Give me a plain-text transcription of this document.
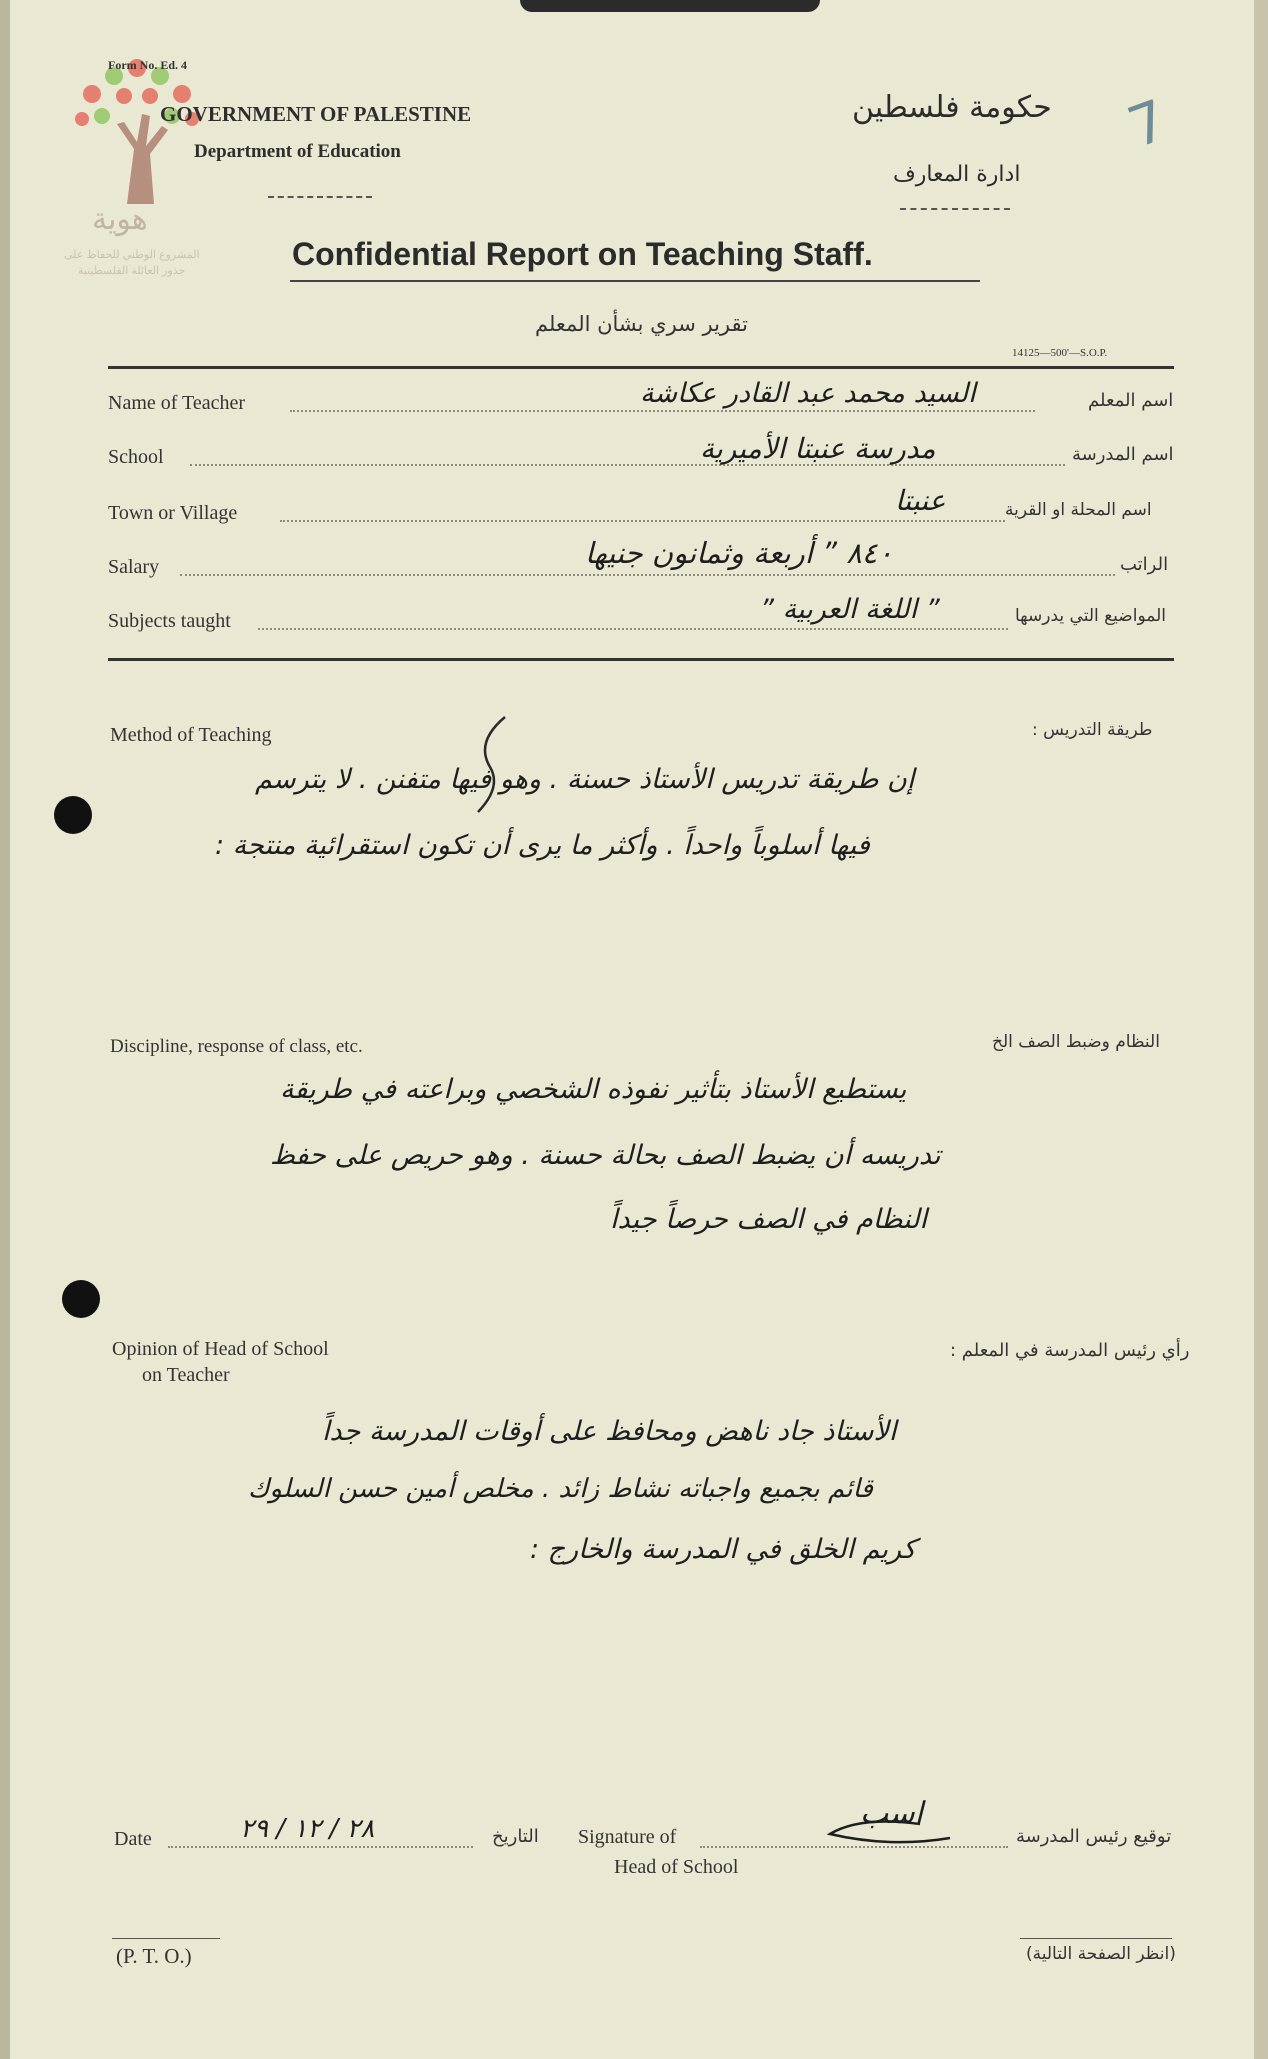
هوية
المشروع الوطني للحفاظ على
جذور العائلة الفلسطينية
Form No. Ed. 4
GOVERNMENT OF PALESTINE
Department of Education
حكومة فلسطين
ادارة المعارف
7
Confidential Report on Teaching Staff.
تقرير سري بشأن المعلم
14125—500'—S.O.P.
Name of Teacher	السيد محمد عبد القادر عكاشة	اسم المعلم
School	مدرسة عنبتا الأميرية	اسم المدرسة
Town or Village	عنبتا	اسم المحلة او القرية
Salary	٨٤٠ ” أربعة وثمانون جنيها	الراتب
Subjects taught	” اللغة العربية ”	المواضيع التي يدرسها
Method of Teaching	طريقة التدريس :
إن طريقة تدريس الأستاذ حسنة . وهو فيها متفنن . لا يترسم
فيها أسلوباً واحداً . وأكثر ما يرى أن تكون استقرائية منتجة :
Discipline, response of class, etc.	النظام وضبط الصف الخ
يستطيع الأستاذ بتأثير نفوذه الشخصي وبراعته في طريقة
تدريسه أن يضبط الصف بحالة حسنة . وهو حريص على حفظ
النظام في الصف حرصاً جيداً
Opinion of Head of School
on Teacher
رأي رئيس المدرسة في المعلم :
الأستاذ جاد ناهض ومحافظ على أوقات المدرسة جداً
قائم بجميع واجباته نشاط زائد . مخلص أمين حسن السلوك
كريم الخلق في المدرسة والخارج :
Date	٢٨ / ١٢ / ٢٩	التاريخ Signature of
Head of School
اسب
توقيع رئيس المدرسة
(P. T. O.)	(انظر الصفحة التالية)
